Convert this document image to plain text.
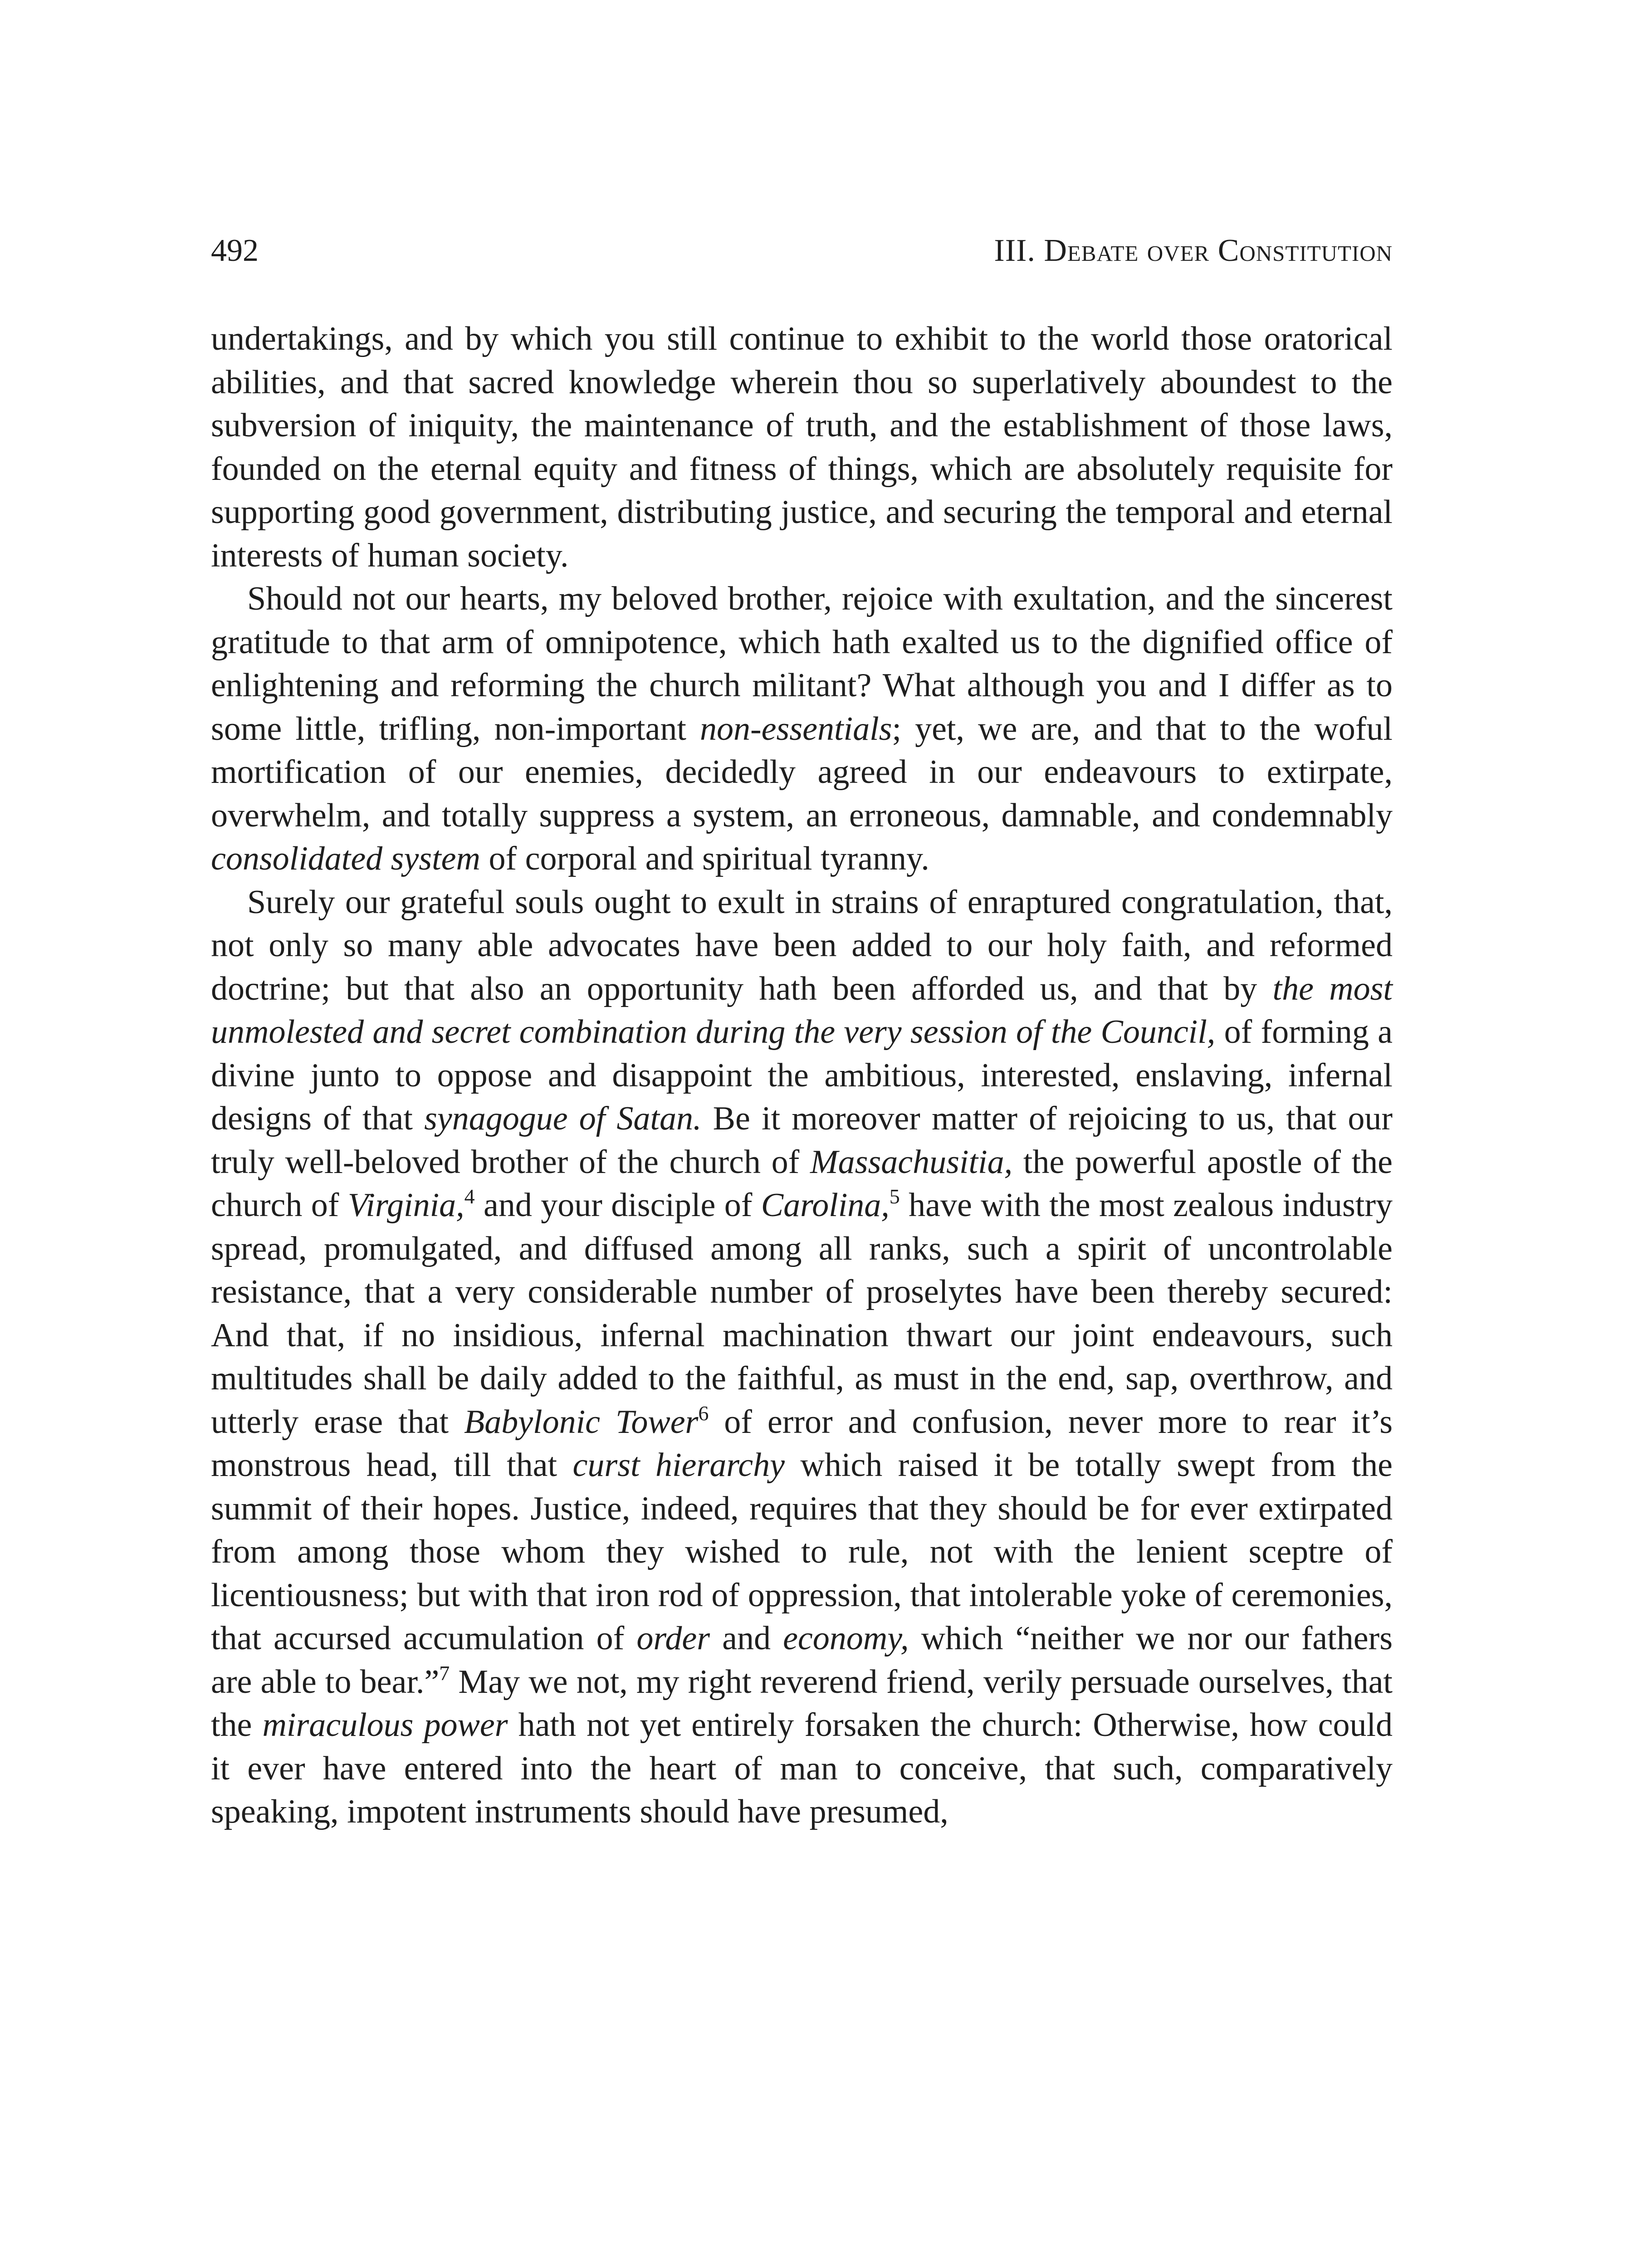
492	III. Debate over Constitution

undertakings, and by which you still continue to exhibit to the world those oratorical abilities, and that sacred knowledge wherein thou so superlatively aboundest to the subversion of iniquity, the maintenance of truth, and the establishment of those laws, founded on the eternal equity and fitness of things, which are absolutely requisite for supporting good government, distributing justice, and securing the temporal and eternal interests of human society.

Should not our hearts, my beloved brother, rejoice with exultation, and the sincerest gratitude to that arm of omnipotence, which hath exalted us to the dignified office of enlightening and reforming the church militant? What although you and I differ as to some little, trifling, non-important non-essentials; yet, we are, and that to the woful mortification of our enemies, decidedly agreed in our endeavours to extirpate, overwhelm, and totally suppress a system, an erroneous, damnable, and condemnably consolidated system of corporal and spiritual tyranny.

Surely our grateful souls ought to exult in strains of enraptured congratulation, that, not only so many able advocates have been added to our holy faith, and reformed doctrine; but that also an opportunity hath been afforded us, and that by the most unmolested and secret combination during the very session of the Council, of forming a divine junto to oppose and disappoint the ambitious, interested, enslaving, infernal designs of that synagogue of Satan. Be it moreover matter of rejoicing to us, that our truly well-beloved brother of the church of Massachusitia, the powerful apostle of the church of Virginia,$^4$ and your disciple of Carolina,$^5$ have with the most zealous industry spread, promulgated, and diffused among all ranks, such a spirit of uncontrolable resistance, that a very considerable number of proselytes have been thereby secured: And that, if no insidious, infernal machination thwart our joint endeavours, such multitudes shall be daily added to the faithful, as must in the end, sap, overthrow, and utterly erase that Babylonic Tower$^6$ of error and confusion, never more to rear it’s monstrous head, till that curst hierarchy which raised it be totally swept from the summit of their hopes. Justice, indeed, requires that they should be for ever extirpated from among those whom they wished to rule, not with the lenient sceptre of licentiousness; but with that iron rod of oppression, that intolerable yoke of ceremonies, that accursed accumulation of order and economy, which “neither we nor our fathers are able to bear.”$^7$ May we not, my right reverend friend, verily persuade ourselves, that the miraculous power hath not yet entirely forsaken the church: Otherwise, how could it ever have entered into the heart of man to conceive, that such, comparatively speaking, impotent instruments should have presumed,
